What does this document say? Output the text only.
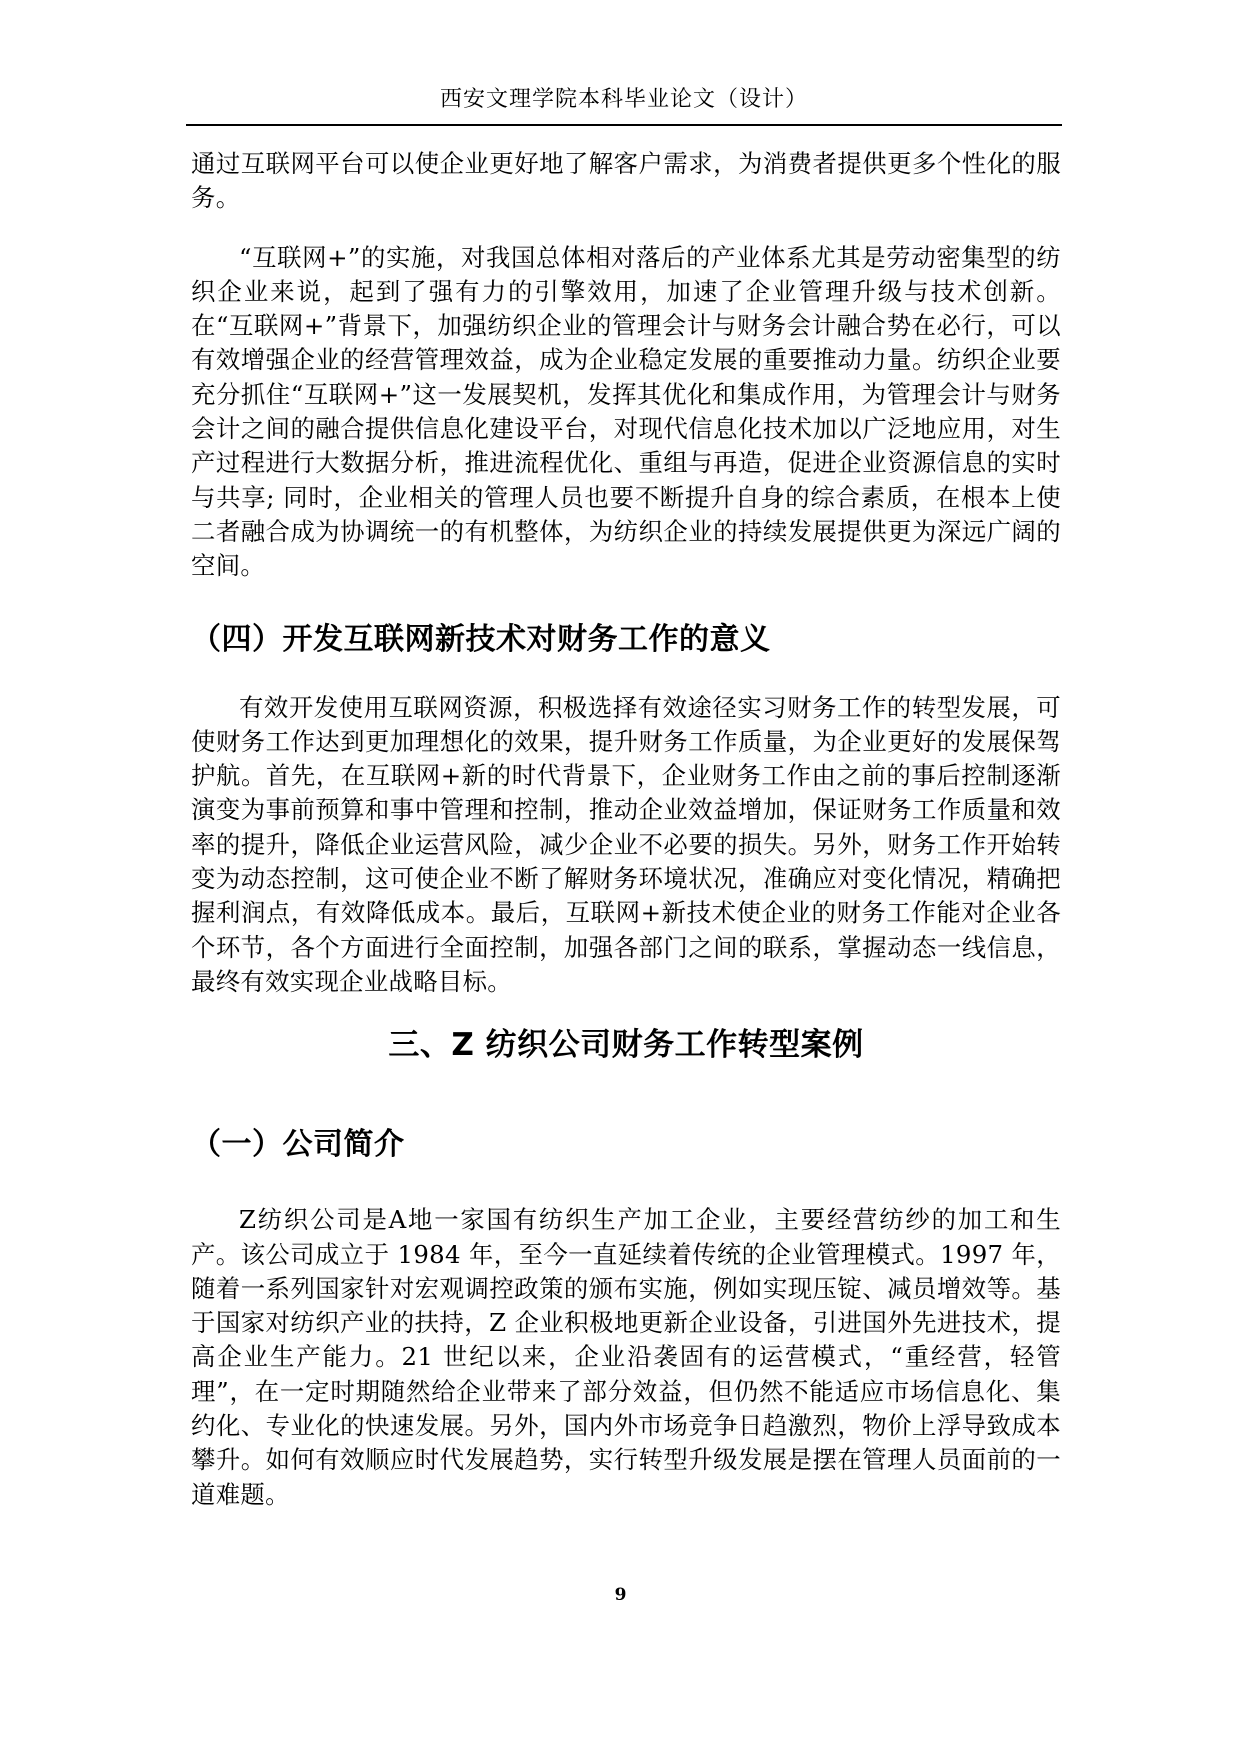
西安文理学院本科毕业论文（设计）

通过互联网平台可以使企业更好地了解客户需求，为消费者提供更多个性化的服务。

“互联网+”的实施，对我国总体相对落后的产业体系尤其是劳动密集型的纺织企业来说，起到了强有力的引擎效用，加速了企业管理升级与技术创新。在“互联网+”背景下，加强纺织企业的管理会计与财务会计融合势在必行，可以有效增强企业的经营管理效益，成为企业稳定发展的重要推动力量。纺织企业要充分抓住“互联网+”这一发展契机，发挥其优化和集成作用，为管理会计与财务会计之间的融合提供信息化建设平台，对现代信息化技术加以广泛地应用，对生产过程进行大数据分析，推进流程优化、重组与再造，促进企业资源信息的实时与共享; 同时，企业相关的管理人员也要不断提升自身的综合素质，在根本上使二者融合成为协调统一的有机整体，为纺织企业的持续发展提供更为深远广阔的空间。

（四）开发互联网新技术对财务工作的意义

有效开发使用互联网资源，积极选择有效途径实习财务工作的转型发展，可使财务工作达到更加理想化的效果，提升财务工作质量，为企业更好的发展保驾护航。首先，在互联网+新的时代背景下，企业财务工作由之前的事后控制逐渐演变为事前预算和事中管理和控制，推动企业效益增加，保证财务工作质量和效率的提升，降低企业运营风险，减少企业不必要的损失。另外，财务工作开始转变为动态控制，这可使企业不断了解财务环境状况，准确应对变化情况，精确把握利润点，有效降低成本。最后，互联网+新技术使企业的财务工作能对企业各个环节，各个方面进行全面控制，加强各部门之间的联系，掌握动态一线信息，最终有效实现企业战略目标。

三、Z 纺织公司财务工作转型案例
（一）公司简介

Z纺织公司是A地一家国有纺织生产加工企业，主要经营纺纱的加工和生产。该公司成立于 1984 年，至今一直延续着传统的企业管理模式。1997 年，随着一系列国家针对宏观调控政策的颁布实施，例如实现压锭、减员增效等。基于国家对纺织产业的扶持，Z 企业积极地更新企业设备，引进国外先进技术，提高企业生产能力。21 世纪以来，企业沿袭固有的运营模式，“重经营，轻管理”，在一定时期随然给企业带来了部分效益，但仍然不能适应市场信息化、集约化、专业化的快速发展。另外，国内外市场竞争日趋激烈，物价上浮导致成本攀升。如何有效顺应时代发展趋势，实行转型升级发展是摆在管理人员面前的一道难题。

9
